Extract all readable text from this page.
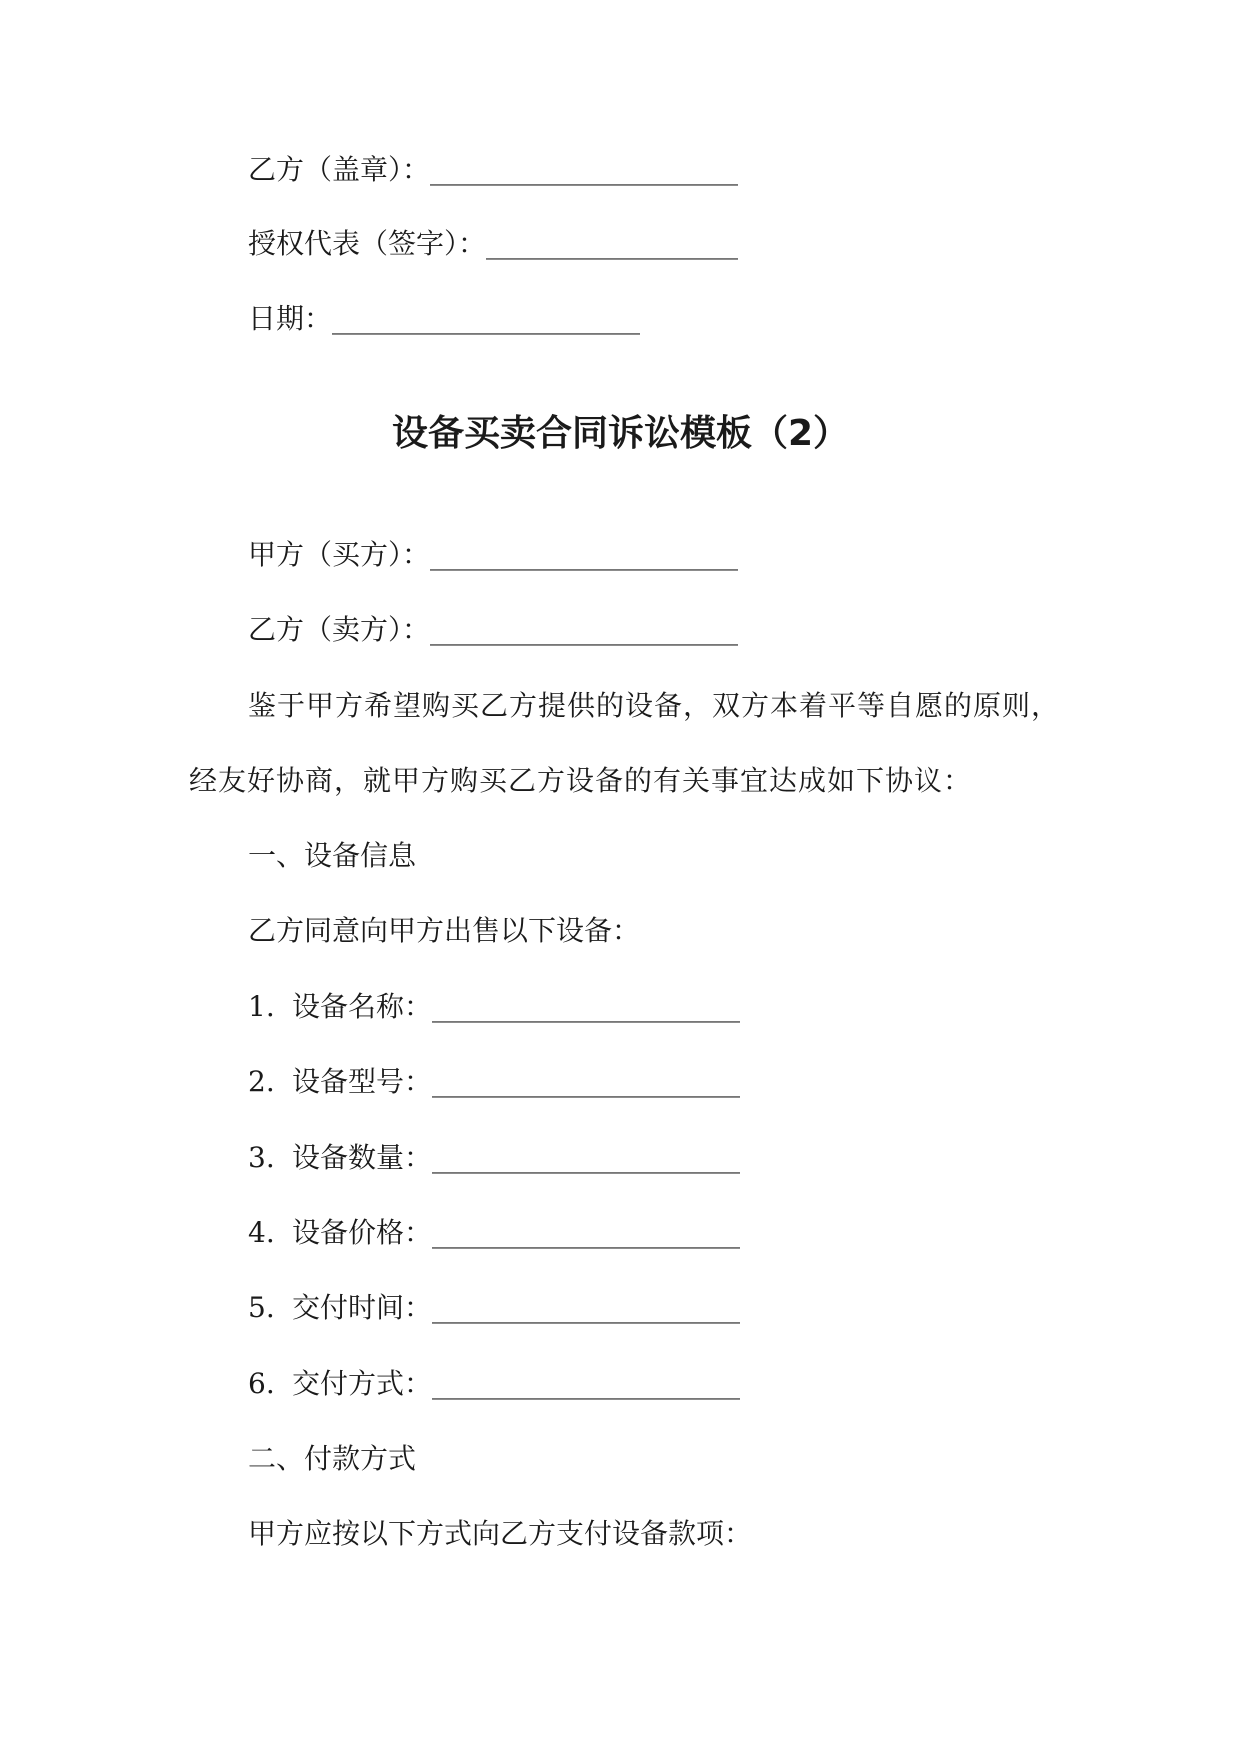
乙方（盖章）：______________________
授权代表（签字）：__________________
日期：______________________
设备买卖合同诉讼模板（2）
甲方（买方）：______________________
乙方（卖方）：______________________
鉴于甲方希望购买乙方提供的设备，双方本着平等自愿的原则，
经友好协商，就甲方购买乙方设备的有关事宜达成如下协议：
一、设备信息
乙方同意向甲方出售以下设备：
1. 设备名称：______________________
2. 设备型号：______________________
3. 设备数量：______________________
4. 设备价格：______________________
5. 交付时间：______________________
6. 交付方式：______________________
二、付款方式
甲方应按以下方式向乙方支付设备款项：
